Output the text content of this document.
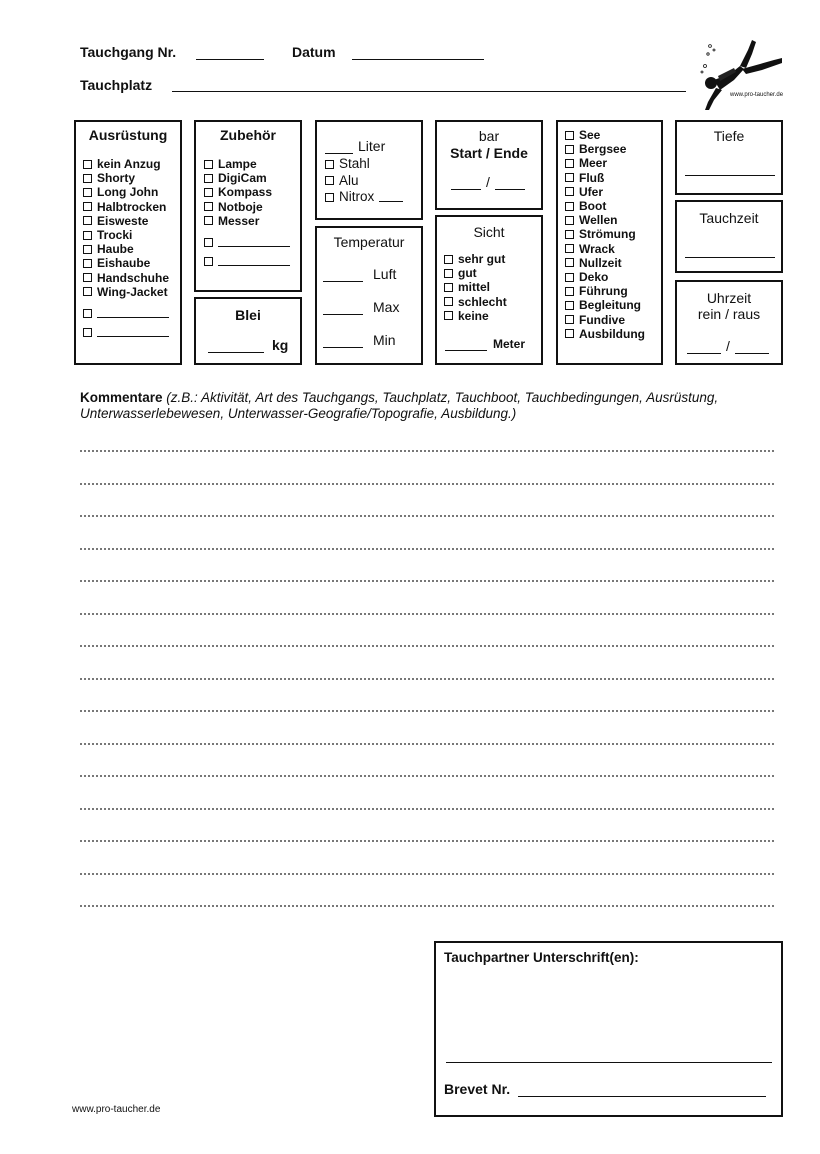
Tauchgang Nr.	Datum
Tauchplatz
www.pro-taucher.de
Ausrüstung
kein Anzug
Shorty
Long John
Halbtrocken
Eisweste
Trocki
Haube
Eishaube
Handschuhe
Wing-Jacket
Zubehör
Lampe
DigiCam
Kompass
Notboje
Messer
Blei
kg
Liter
Stahl
Alu
Nitrox
Temperatur
Luft
Max
Min
bar
Start / Ende
/
Sicht
sehr gut
gut
mittel
schlecht
keine
Meter
See
Bergsee
Meer
Fluß
Ufer
Boot
Wellen
Strömung
Wrack
Nullzeit
Deko
Führung
Begleitung
Fundive
Ausbildung
Tiefe
Tauchzeit
Uhrzeit
rein / raus
/
Kommentare (z.B.: Aktivität, Art des Tauchgangs, Tauchplatz, Tauchboot, Tauchbedingungen, Ausrüstung, Unterwasserlebewesen, Unterwasser-Geografie/Topografie, Ausbildung.)
Tauchpartner Unterschrift(en):
Brevet Nr.
www.pro-taucher.de
